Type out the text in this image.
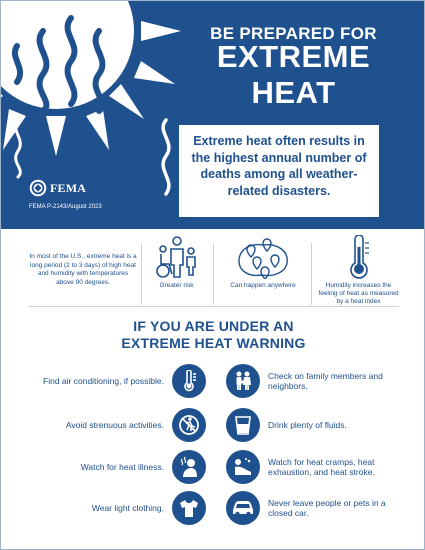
BE PREPARED FOR
EXTREME
HEAT
Extreme heat often results in the highest annual number of deaths among all weather-related disasters.
FEMA
FEMA P-2143/August 2023
In most of the U.S., extreme heat is a long period (2 to 3 days) of high heat and humidity with temperatures above 90 degrees.	Greater risk	Can happen anywhere	Humidity increases the feeling of heat as measured by a heat index
IF YOU ARE UNDER AN
EXTREME HEAT WARNING
Find air conditioning, if possible.
Avoid strenuous activities.
Watch for heat illness.
Wear light clothing.
Check on family members and neighbors.
Drink plenty of fluids.
Watch for heat cramps, heat exhaustion, and heat stroke.
Never leave people or pets in a closed car.
